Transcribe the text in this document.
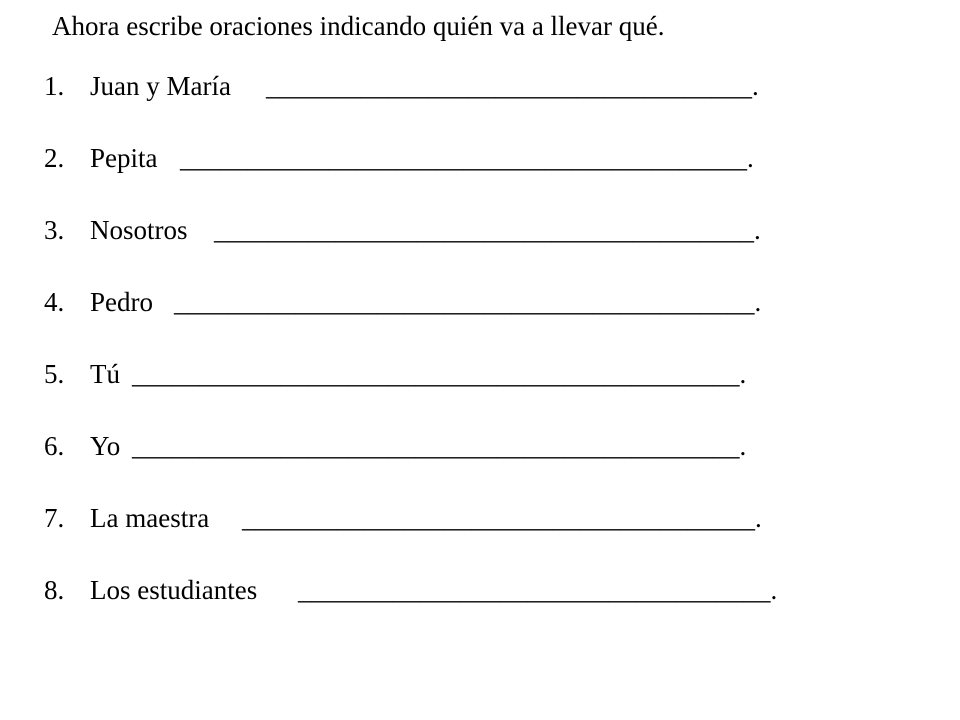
Ahora escribe oraciones indicando quién va a llevar qué.
1. Juan y María ____________________________________.
2. Pepita __________________________________________.
3. Nosotros ________________________________________.
4. Pedro ___________________________________________.
5. Tú _____________________________________________.
6. Yo _____________________________________________.
7. La maestra ______________________________________.
8. Los estudiantes ___________________________________.
